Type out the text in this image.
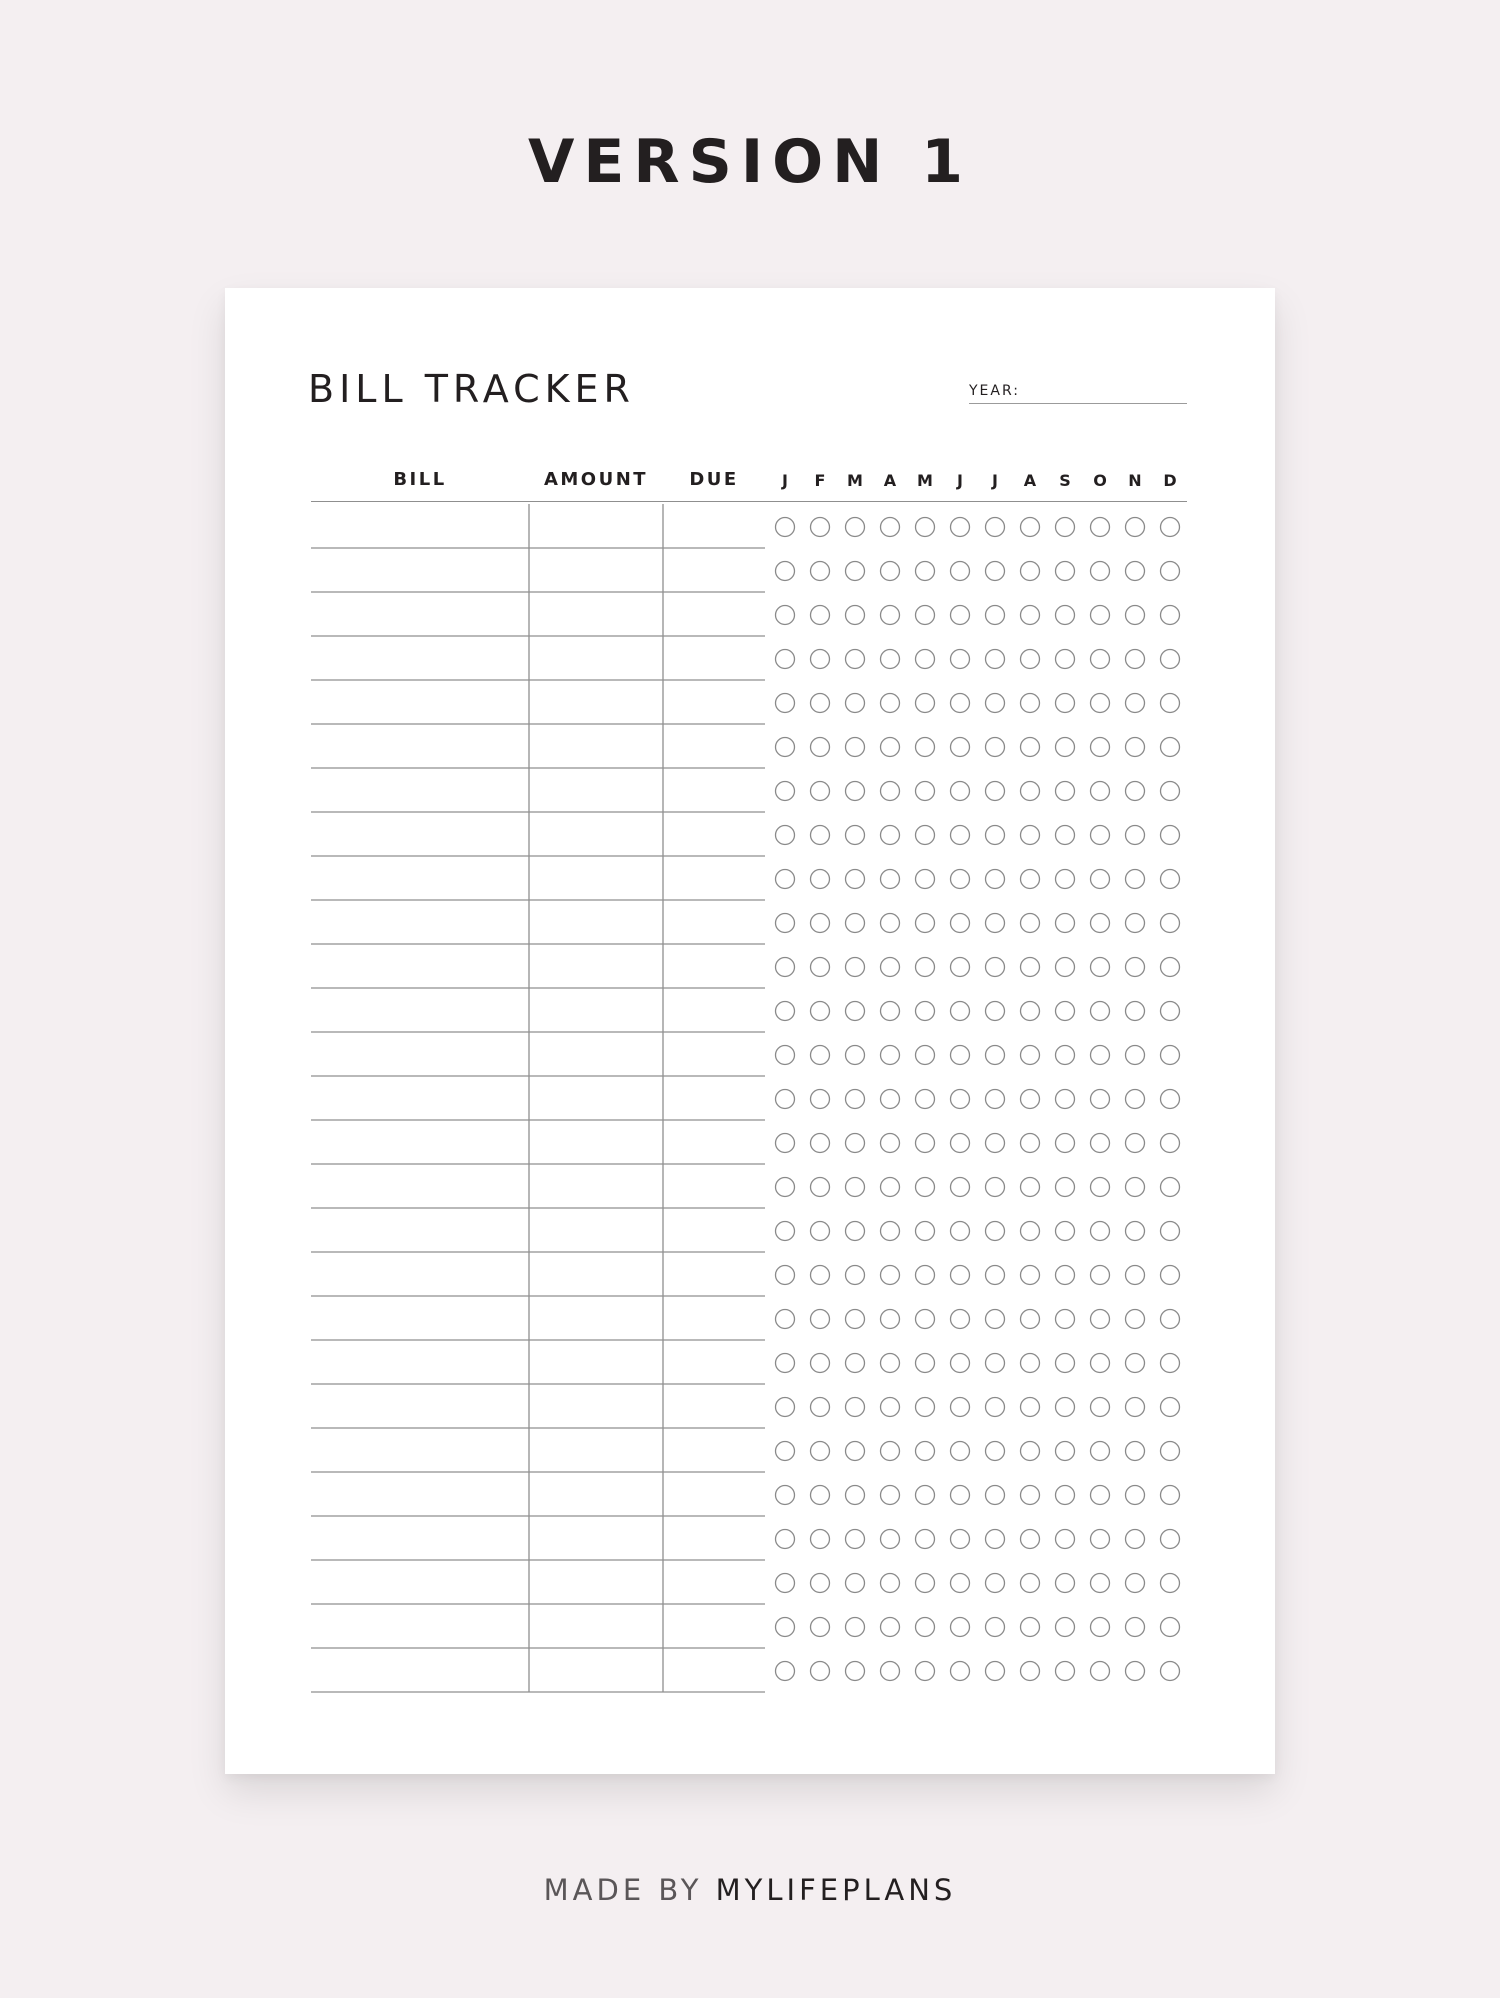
VERSION 1
BILL TRACKER	YEAR:
BILL	AMOUNT	DUE	J	F	M	A	M	J	J	A	S	O	N	D
MADE BY MYLIFEPLANS
